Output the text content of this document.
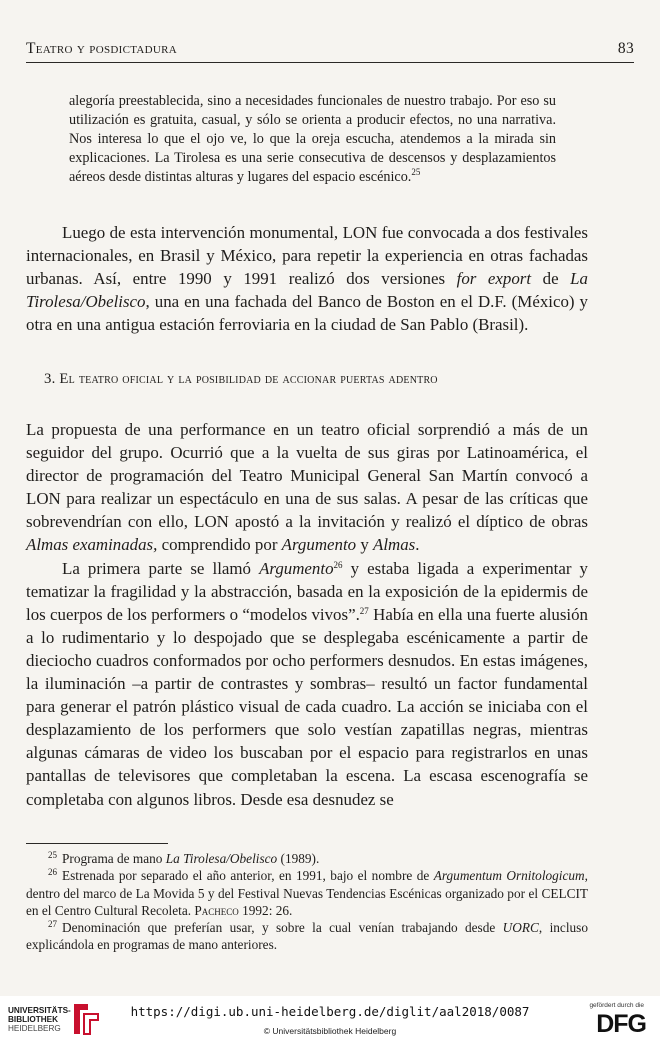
Teatro y posdictadura	83

alegoría preestablecida, sino a necesidades funcionales de nuestro trabajo. Por eso su utilización es gratuita, casual, y sólo se orienta a producir efectos, no una narrativa. Nos interesa lo que el ojo ve, lo que la oreja escucha, atendemos a la mirada sin explicaciones. La Tirolesa es una serie consecutiva de descensos y desplazamientos aéreos desde distintas alturas y lugares del espacio escénico.$^{25}$

Luego de esta intervención monumental, LON fue convocada a dos festivales internacionales, en Brasil y México, para repetir la experiencia en otras fachadas urbanas. Así, entre 1990 y 1991 realizó dos versiones for export de La Tirolesa/Obelisco, una en una fachada del Banco de Boston en el D.F. (México) y otra en una antigua estación ferroviaria en la ciudad de San Pablo (Brasil).

3. El teatro oficial y la posibilidad de accionar puertas adentro

La propuesta de una performance en un teatro oficial sorprendió a más de un seguidor del grupo. Ocurrió que a la vuelta de sus giras por Latinoamérica, el director de programación del Teatro Municipal General San Martín convocó a LON para realizar un espectáculo en una de sus salas. A pesar de las críticas que sobrevendrían con ello, LON apostó a la invitación y realizó el díptico de obras Almas examinadas, comprendido por Argumento y Almas.

La primera parte se llamó Argumento$^{26}$ y estaba ligada a experimentar y tematizar la fragilidad y la abstracción, basada en la exposición de la epidermis de los cuerpos de los performers o “modelos vivos”.$^{27}$ Había en ella una fuerte alusión a lo rudimentario y lo despojado que se desplegaba escénicamente a partir de dieciocho cuadros conformados por ocho performers desnudos. En estas imágenes, la iluminación –a partir de contrastes y sombras– resultó un factor fundamental para generar el patrón plástico visual de cada cuadro. La acción se iniciaba con el desplazamiento de los performers que solo vestían zapatillas negras, mientras algunas cámaras de video los buscaban por el espacio para registrarlos en unas pantallas de televisores que completaban la escena. La escasa escenografía se completaba con algunos libros. Desde esa desnudez se

$^{25}$ Programa de mano La Tirolesa/Obelisco (1989).

$^{26}$ Estrenada por separado el año anterior, en 1991, bajo el nombre de Argumentum Ornitologicum, dentro del marco de La Movida 5 y del Festival Nuevas Tendencias Escénicas organizado por el CELCIT en el Centro Cultural Recoleta. Pacheco 1992: 26.

$^{27}$ Denominación que preferían usar, y sobre la cual venían trabajando desde UORC, incluso explicándola en programas de mano anteriores.

UNIVERSITÄTS-
BIBLIOTHEK
HEIDELBERG
https://digi.ub.uni-heidelberg.de/diglit/aal2018/0087
© Universitätsbibliothek Heidelberg
gefördert durch die
DFG
